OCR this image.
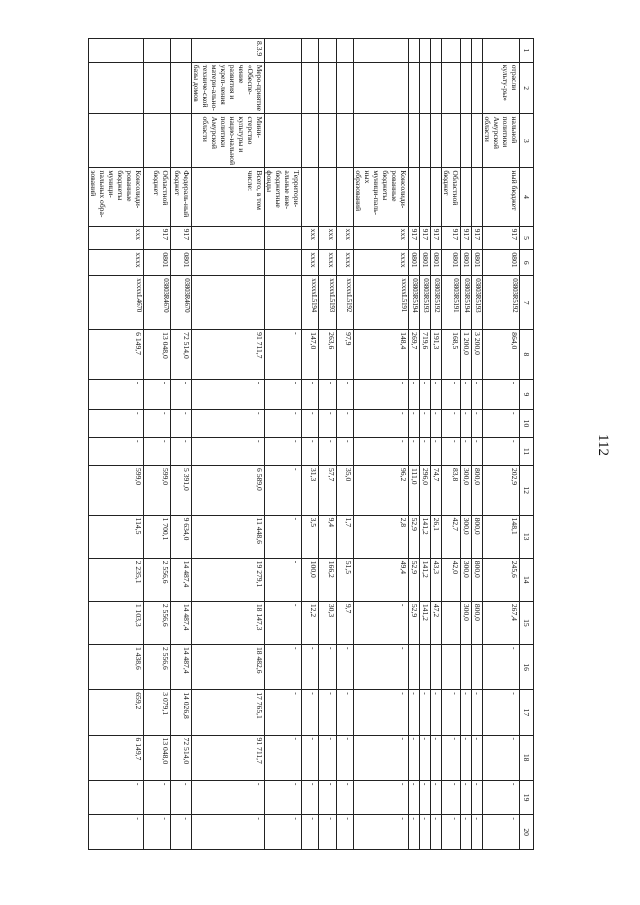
112
1	2	3	4	5	6	7	8	9	10	11	12	13	14	15	16	17	18	19	20
	отрасли культу-ры»	нальной политики Амурской области	ный бюджет	917	0801	03803R5192	864,0	-	-	-	202,9	148,1	245,6	267,4	-	-	-	-	-
				917	0801	03803R5193	3 200,0	-	-	-	800,0	800,0	800,0	800,0		-	-	-	-
				917	0801	03803R5194	1 200,0	-	-	-	300,0	300,0	300,0	300,0		-	-	-	-
			Областной бюджет	917	0801	03803R5191	168,5	-	-	-	83,8	42,7	42,0			-	-	-	-
				917	0801	03803R5192	191,3	-	-	-	74,7	26,1	43,3	47,2		-	-	-	-
				917	0801	03803R5193	719,6	-	-	-	296,0	141,2	141,2	141,2		-	-	-	-
				917	0801	03803R5194	269,7	-	-	-	111,0	52,9	52,9	52,9		-	-	-	-
			Консолиди-рованные бюджеты муници-паль-ных образований	xxx	xxxx	xxxxxL5191	148,4	-	-	-	96,2	2,8	49,4	-	-	-	-	-	-
				xxx	xxxx	xxxxxL5192	97,9	-	-	-	35,0	1,7	51,5	9,7	-	-	-	-	-
				xxx	xxxx	xxxxxL5193	263,6	-	-	-	57,7	9,4	166,2	30,3	-	-	-	-	-
				xxx	xxxx	xxxxxL5194	147,0	-	-	-	31,3	3,5	100,0	12,2	-	-	-	-	-
			Территори-альные вне-бюджетные фонды				-	-	-	-	-	-	-	-	-	-	-	-	-
8.3.9	Меро-приятие «Обеспе-чение развития и укреп-ления матери-ально-техниче-ской базы домов	Мини-стерство культуры и нацио-нальной политики Амурской области	Всего, в том числе:				91 711,7	-	-	-	6 589,0	11 448,6	19 279,1	18 147,3	18 482,6	17 765,1	91 711,7	-	-
			Федераль-ный бюджет	917	0801	03803R4670	72 514,0	-	-	-	5 391,0	9 634,0	14 487,4	14 487,4	14 487,4	14 026,8	72 514,0	-	-
			Областной бюджет	917	0801	03803R4670	13 048,0	-	-	-	599,0	1 700,1	2 556,6	2 556,6	2 556,6	3 079,1	13 048,0	-	-
			Консолиди-рованные бюджеты муници-пальных обра-зований	xxx	xxxx	xxxxxL4670	6 149,7	-	-	-	599,0	114,5	2 235,1	1 103,3	1 438,6	659,2	6 149,7	-	-
